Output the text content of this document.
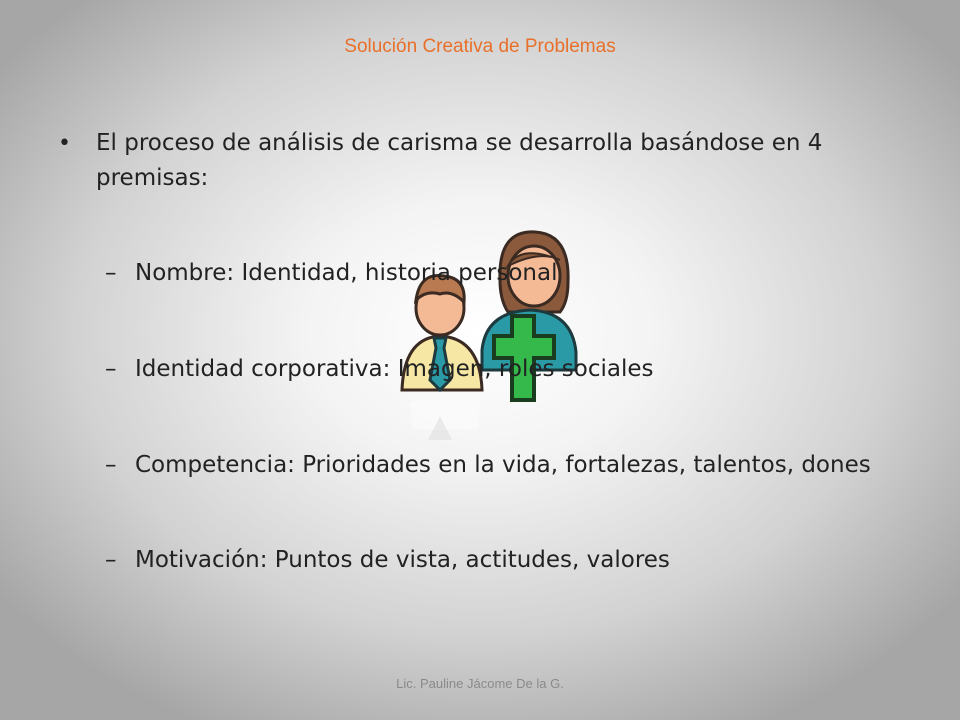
Solución Creativa de Problemas
• El proceso de análisis de carisma se desarrolla basándose en 4 premisas:
– Nombre: Identidad, historia personal
– Identidad corporativa: Imagen, roles sociales
– Competencia: Prioridades en la vida, fortalezas, talentos, dones
– Motivación: Puntos de vista, actitudes, valores
Lic. Pauline Jácome De la G.
